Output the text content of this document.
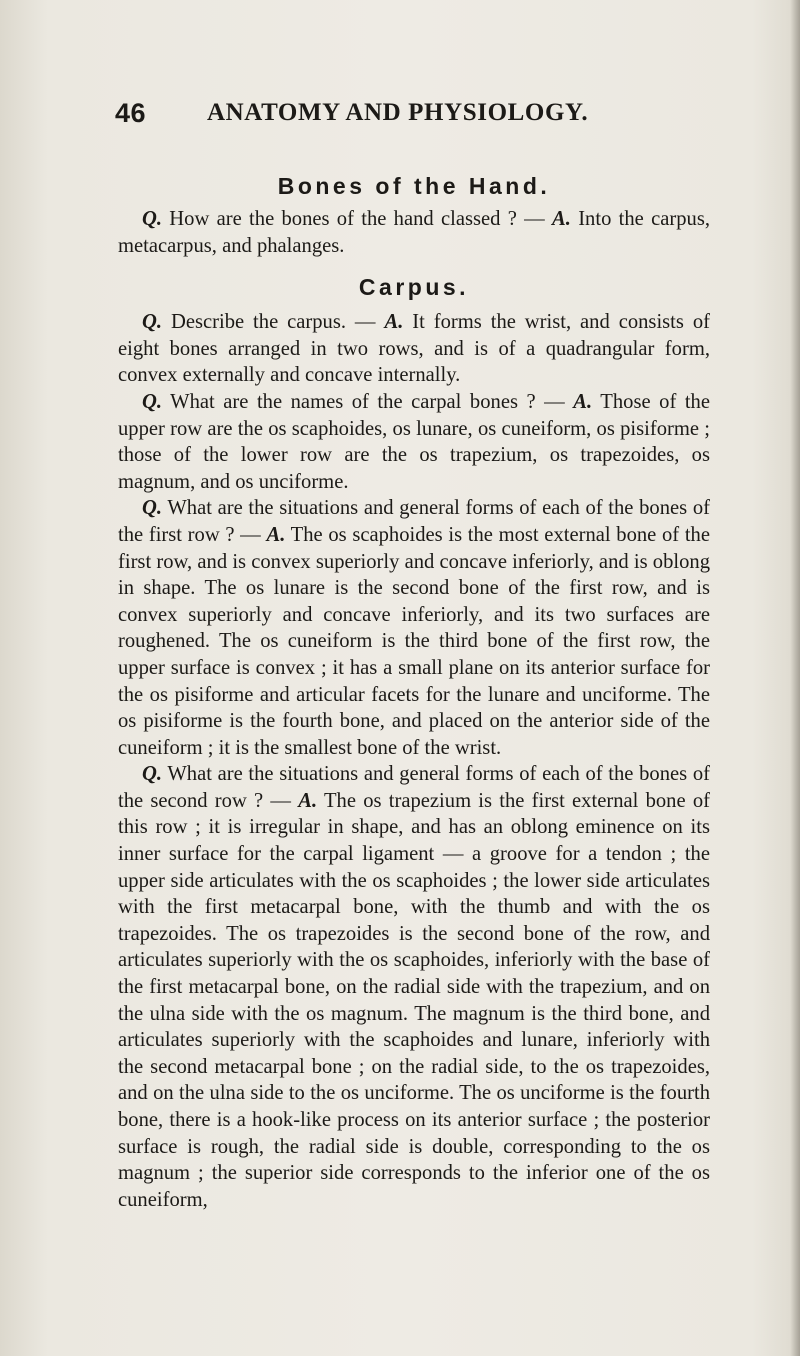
46 ANATOMY AND PHYSIOLOGY.
Bones of the Hand.

Q. How are the bones of the hand classed ? — A. Into the carpus, metacarpus, and phalanges.

Carpus.

Q. Describe the carpus. — A. It forms the wrist, and consists of eight bones arranged in two rows, and is of a quadrangular form, convex externally and concave internally.

Q. What are the names of the carpal bones ? — A. Those of the upper row are the os scaphoides, os lunare, os cuneiform, os pisiforme ; those of the lower row are the os trapezium, os trapezoides, os magnum, and os unciforme.

Q. What are the situations and general forms of each of the bones of the first row ? — A. The os scaphoides is the most external bone of the first row, and is convex superiorly and concave inferiorly, and is oblong in shape. The os lunare is the second bone of the first row, and is convex superiorly and concave inferiorly, and its two surfaces are roughened. The os cuneiform is the third bone of the first row, the upper surface is convex ; it has a small plane on its anterior surface for the os pisiforme and articular facets for the lunare and unciforme. The os pisiforme is the fourth bone, and placed on the anterior side of the cuneiform ; it is the smallest bone of the wrist.

Q. What are the situations and general forms of each of the bones of the second row ? — A. The os trapezium is the first external bone of this row ; it is irregular in shape, and has an oblong eminence on its inner surface for the carpal ligament — a groove for a tendon ; the upper side articulates with the os scaphoides ; the lower side articulates with the first metacarpal bone, with the thumb and with the os trapezoides. The os trapezoides is the second bone of the row, and articulates superiorly with the os scaphoides, inferiorly with the base of the first metacarpal bone, on the radial side with the trapezium, and on the ulna side with the os magnum. The magnum is the third bone, and articulates superiorly with the scaphoides and lunare, inferiorly with the second metacarpal bone ; on the radial side, to the os trapezoides, and on the ulna side to the os unciforme. The os unciforme is the fourth bone, there is a hook-like process on its anterior surface ; the posterior surface is rough, the radial side is double, corresponding to the os magnum ; the superior side corresponds to the inferior one of the os cuneiform,
